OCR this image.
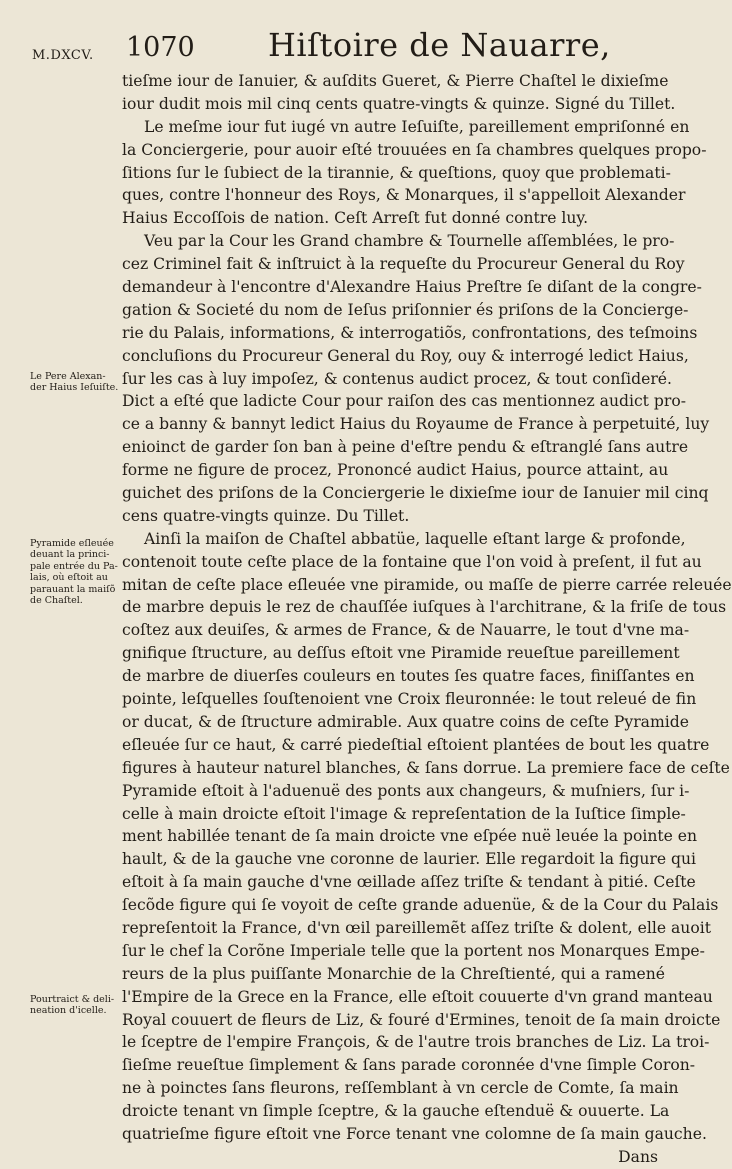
M.DXCV. 1070 Hiſtoire de Nauarre,
tieſme iour de Ianuier, & auſdits Gueret, & Pierre Chaſtel le dixieſme
iour dudit mois mil cinq cents quatre-vingts & quinze. Signé du Tillet.
Le meſme iour fut iugé vn autre Ieſuiſte, pareillement empriſonné en
la Conciergerie, pour auoir eſté trouuées en ſa chambres quelques propo-
ſitions ſur le ſubiect de la tirannie, & queſtions, quoy que problemati-
ques, contre l'honneur des Roys, & Monarques, il s'appelloit Alexander
Haius Eccoſſois de nation. Ceſt Arreſt fut donné contre luy.
Veu par la Cour les Grand chambre & Tournelle aſſemblées, le pro-
cez Criminel fait & inſtruict à la requeſte du Procureur General du Roy
demandeur à l'encontre d'Alexandre Haius Preſtre ſe diſant de la congre-
gation & Societé du nom de Ieſus priſonnier és priſons de la Concierge-
rie du Palais, informations, & interrogatiõs, confrontations, des teſmoins
concluſions du Procureur General du Roy, ouy & interrogé ledict Haius,
ſur les cas à luy impoſez, & contenus audict procez, & tout conſideré.
Dict a eſté que ladicte Cour pour raiſon des cas mentionnez audict pro-
ce a banny & bannyt ledict Haius du Royaume de France à perpetuité, luy
enioinct de garder ſon ban à peine d'eſtre pendu & eſtranglé ſans autre
forme ne figure de procez, Prononcé audict Haius, pource attaint, au
guichet des priſons de la Conciergerie le dixieſme iour de Ianuier mil cinq
cens quatre-vingts quinze. Du Tillet.
Ainſi la maiſon de Chaſtel abbatüe, laquelle eſtant large & profonde,
contenoit toute ceſte place de la fontaine que l'on void à preſent, il fut au
mitan de ceſte place eſleuée vne piramide, ou maſſe de pierre carrée releuée
de marbre depuis le rez de chauſſée iuſques à l'architrane, & la friſe de tous
coſtez aux deuiſes, & armes de France, & de Nauarre, le tout d'vne ma-
gnifique ſtructure, au deſſus eſtoit vne Piramide reueſtue pareillement
de marbre de diuerſes couleurs en toutes ſes quatre faces, finiſſantes en
pointe, leſquelles ſouſtenoient vne Croix fleuronnée: le tout releué de fin
or ducat, & de ſtructure admirable. Aux quatre coins de ceſte Pyramide
eſleuée ſur ce haut, & carré piedeſtial eſtoient plantées de bout les quatre
figures à hauteur naturel blanches, & ſans dorrue. La premiere face de ceſte
Pyramide eſtoit à l'aduenuë des ponts aux changeurs, & muſniers, ſur i-
celle à main droicte eſtoit l'image & repreſentation de la Iuſtice ſimple-
ment habillée tenant de ſa main droicte vne eſpée nuë leuée la pointe en
hault, & de la gauche vne coronne de laurier. Elle regardoit la figure qui
eſtoit à ſa main gauche d'vne œillade aſſez triſte & tendant à pitié. Ceſte
ſecõde figure qui ſe voyoit de ceſte grande aduenüe, & de la Cour du Palais
repreſentoit la France, d'vn œil pareillemẽt aſſez triſte & dolent, elle auoit
ſur le chef la Corõne Imperiale telle que la portent nos Monarques Empe-
reurs de la plus puiſſante Monarchie de la Chreſtienté, qui a ramené
l'Empire de la Grece en la France, elle eſtoit couuerte d'vn grand manteau
Royal couuert de fleurs de Liz, & fouré d'Ermines, tenoit de ſa main droicte
le ſceptre de l'empire François, & de l'autre trois branches de Liz. La troi-
ſieſme reueſtue ſimplement & ſans parade coronnée d'vne ſimple Coron-
ne à poinctes ſans fleurons, reſſemblant à vn cercle de Comte, ſa main
droicte tenant vn ſimple ſceptre, & la gauche eſtenduë & ouuerte. La
quatrieſme figure eſtoit vne Force tenant vne colomne de ſa main gauche.
Dans
Le Pere Alexan-
der Haius Ieſuiſte.
Pyramide eſleuée
deuant la princi-
pale entrée du Pa-
lais, où eſtoit au
parauant la maiſõ
de Chaſtel.
Pourtraict & deli-
neation d'icelle.
